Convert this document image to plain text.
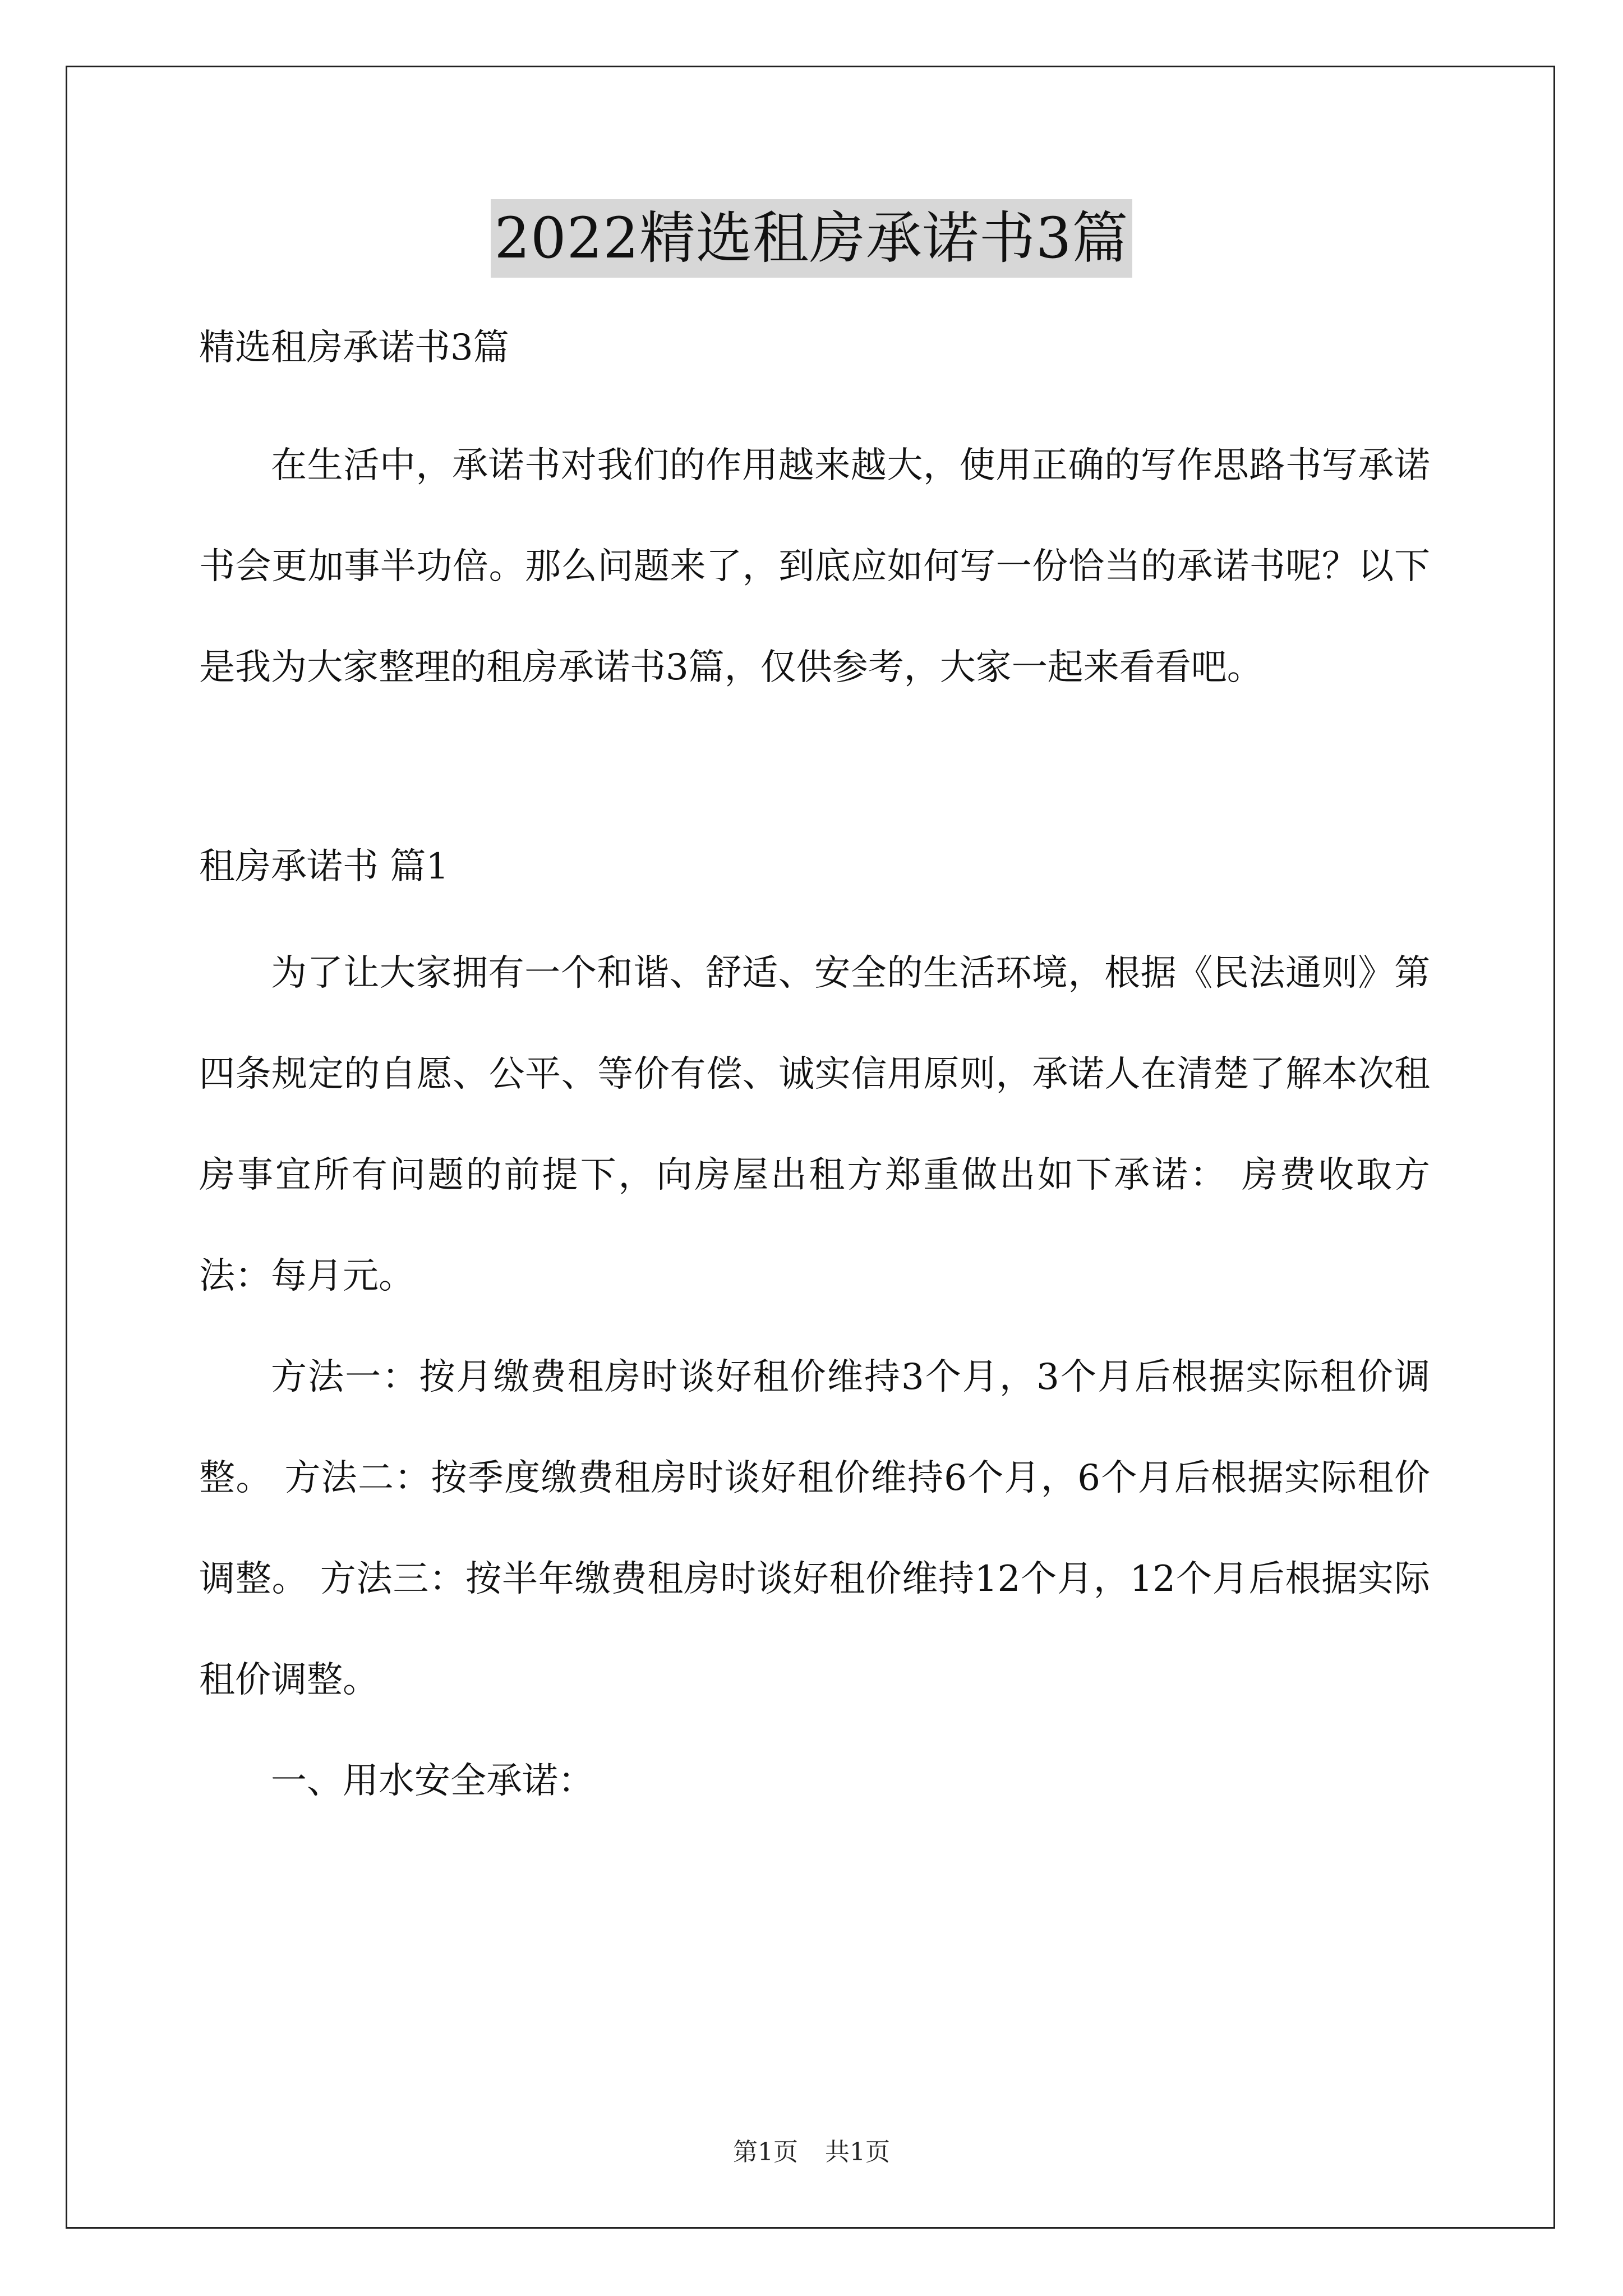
2022精选租房承诺书3篇

精选租房承诺书3篇

在生活中，承诺书对我们的作用越来越大，使用正确的写作思路书写承诺书会更加事半功倍。那么问题来了，到底应如何写一份恰当的承诺书呢？以下是我为大家整理的租房承诺书3篇，仅供参考，大家一起来看看吧。

租房承诺书 篇1

为了让大家拥有一个和谐、舒适、安全的生活环境，根据《民法通则》第四条规定的自愿、公平、等价有偿、诚实信用原则，承诺人在清楚了解本次租房事宜所有问题的前提下，向房屋出租方郑重做出如下承诺： 房费收取方法：每月元。

方法一：按月缴费租房时谈好租价维持3个月，3个月后根据实际租价调整。 方法二：按季度缴费租房时谈好租价维持6个月，6个月后根据实际租价调整。 方法三：按半年缴费租房时谈好租价维持12个月，12个月后根据实际租价调整。

一、用水安全承诺：

第1页 共1页
